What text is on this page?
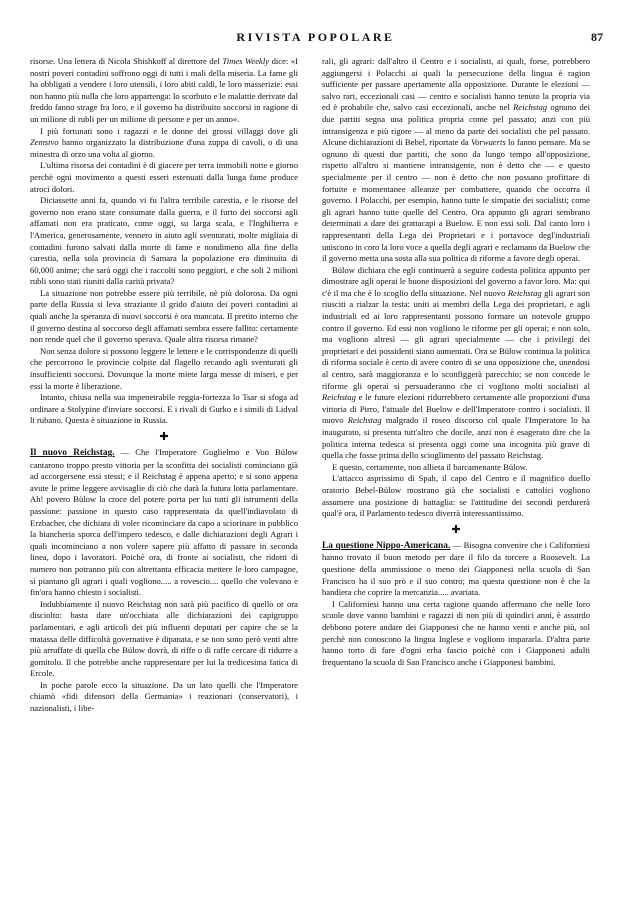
RIVISTA POPOLARE	87

risorse. Una lettera di Nicola Shishkoff al direttore del Times Weekly dice: «I nostri poveri contadini soffrono oggi di tutti i mali della miseria. La fame gli ha obbligati a vendere i loro utensili, i loro abiti caldi, le loro masserizie: essi non hanno più nulla che loro appartenga: lo scorbuto e le malattie derivate dal freddo fanno strage fra loro, e il governo ha distribuito soccorsi in ragione di un milione di rubli per un milione di persone e per un anno».

I più fortunati sono i ragazzi e le donne dei grossi villaggi dove gli Zemstvo hanno organizzato la distribuzione d'una zuppa di cavoli, o di una minestra di orzo una volta al giorno.

L'ultima risorsa dei contadini è di giacere per terra immobili notte e giorno perchè ogni movimento a questi esseri estenuati dalla lunga fame produce atroci dolori.

Diciassette anni fa, quando vi fu l'altra terribile carestia, e le risorse del governo non erano state consumate dalla guerra, e il furto dei soccorsi agli affamati non era praticato, come oggi, su larga scala, e l'Inghilterra e l'America, generosamente, vennero in aiuto agli sventurati, molte migliaia di contadini furono salvati dalla morte di fame e nondimeno alla fine della carestia, nella sola provincia di Samara la popolazione era diminuita di 60,000 anime; che sarà oggi che i raccolti sono peggiori, e che soli 2 milioni rubli sono stati riuniti dalla carità privata?

La situazione non potrebbe essere più terribile, nè più dolorosa. Da ogni parte della Russia si leva straziante il grido d'aiuto dei poveri contadini ai quali anche la speranza di nuovi soccorsi è ora mancata. Il pretito interno che il governo destina al soccorso degli affamati sembra essere fallito: certamente non rende quel che il governo sperava. Quale altra risorsa rimane?

Non senza dolore si possono leggere le lettere e le corrispondenze di quelli che percorrono le provincie colpite dal flagello recando agli sventurati gli insufficienti soccorsi. Dovunque la morte miete larga messe di miseri, e per essi la morte è liberazione.

Intanto, chiusa nella sua impenetrabile reggia-fortezza lo Tsar si sfoga ad ordinare a Stolypine d'inviare soccorsi. E i rivali di Gurko e i simili di Lidval li rubano. Questa è situazione in Russia.

✚

Il nuovo Reichstag. — Che l'Imperatore Guglielmo e Von Bülow cantarono troppo presto vittoria per la sconfitta dei socialisti cominciano già ad accorgersene essi stessi; e il Reichstag è appena aperto; e si sono appena avute le prime leggere avvisaglie di ciò che darà la futura lotta parlamentare. Ah! povero Bülow la croce del potere porta per lui tutti gli istrumenti della passione: passione in questo caso rappresentata da quell'indiavolato di Erzbacher, che dichiara di voler ricominciare da capo a sciorinare in pubblico la biancheria sporca dell'impero tedesco, e dalle dichiarazioni degli Agrari i quali incominciano a non volere sapere più affatto di passare in seconda linea, dopo i lavoratori. Poichè ora, di fronte ai socialisti, che ridotti di numero non potranno più con altrettanta efficacia mettere le loro campagne, si piantano gli agrari i quali vogliono..... a rovescio.... quello che volevano e fin'ora hanno chiesto i socialisti.

Indubbiamente il nuovo Reichstag non sarà più pacifico di quello or ora disciolto: basta dare un'occhiata alle dichiarazioni dei capigruppo parlamentari, e agli articoli dei più influenti deputati per capire che se la matassa delle difficoltà governative è dipanata, e se non sono però venti altre più arruffate di quella che Bülow dovrà, di riffe o di raffe cercare di ridurre a gomitolo. Il che potrebbe anche rappresentare per lui la tredicesima fatica di Ercole.

In poche parole ecco la situazione. Da un lato quelli che l'Imperatore chiamò «fidi difensori della Germania» i reazionari (conservatori), i nazionalisti, i libe-

rali, gli agrari: dall'altro il Centro e i socialisti, ai quali, forse, potrebbero aggiungersi i Polacchi ai quali la persecuzione della lingua è ragion sufficiente per passare apertamente alla opposizione. Durante le elezioni — salvo rari, eccezionali casi — centro e socialisti hanno tenuto la propria via ed è probabile che, salvo casi eccezionali, anche nel Reichstag ognuno dei due partiti segna una politica propria come pel passato; anzi con più intransigenza e più rigore — al meno da parte dei socialisti che pel passato. Alcune dichiarazioni di Bebel, riportate da Vorwaerts lo fanno pensare. Ma se ognuno di questi due partiti, che sono da lungo tempo all'opposizione, rispetto all'altro si mantiene intransigente, non è detto che — e questo specialmente per il centro — non è detto che non possano profittare di fortuite e momentanee alleanze per combattere, quando che occorra il governo. I Polacchi, per esempio, hanno tutte le simpatie dei socialisti; come gli agrari hanno tutte quelle del Centro. Ora appunto gli agrari sembrano determinati a dare dei grattacapi a Buelow. E non essi soli. Dal canto loro i rappresentanti della Lega dei Proprietari e i portavoce degl'industriali uniscono in coro la loro voce a quella degli agrari e reclamano da Buelow che il governo metta una sosta alla sua politica di riforme a favore degli operai.

Bülow dichiara che egli continuerà a seguire codesta politica appunto per dimostrare agli operai le buone disposizioni del governo a favor loro. Ma: qui c'è il ma che è lo scoglio della situazione. Nel nuovo Reichstag gli agrari son riusciti a rialzar la testa: uniti ai membri della Lega dei proprietari, e agli industriali ed ai loro rappresentanti possono formare un notevole gruppo contro il governo. Ed essi non vogliono le riforme per gli operai; e non solo, ma vogliono altresì — gli agrari specialmente — che i privilegi dei proprietari e dei possidenti siano aumentati. Ora se Bülow continua la politica di riforma sociale è certo di avere contro di se una opposizione che, unendosi al centro, sarà maggioranza e lo sconfiggerà parecchio; se non concede le riforme gli operai si persuaderanno che ci vogliono molti socialisti al Reichstag e le future elezioni ridurrebbero certamente alle proporzioni d'una vittoria di Pirro, l'attuale del Buelow e dell'Imperatore contro i socialisti. Il nuovo Reichstag malgrado il roseo discorso col quale l'Imperatore lo ha inaugurato, si presenta tutt'altro che docile, anzi non è esagerato dire che la politica interna tedesca si presenta oggi come una incognita più grave di quella che fosse prima dello scioglimento del passato Reichstag.

E questo, certamente, non allieta il barcamenante Bülow.

L'attacco asprissimo di Spah, il capo del Centro e il magnifico duello oratorio Bebel-Bülow mostrano già che socialisti e cattolici vogliono assumere una posizione di battaglia: se l'attitudine dei secondi perdurerà qual'è ora, il Parlamento tedesco diverrà interessantissimo.

✚

La questione Nippo-Americana. — Bisogna convenire che i Californiesi hanno trovato il buon metodo per dare il filo da torcere a Roosevelt. La questione della ammissione o meno dei Giapponesi nella scuola di San Francisco ha il suo prò e il suo contro; ma questa questione non è che la bandiera che coprire la mercanzia..... avariata.

I Californiesi hanno una certa ragione quando affermano che nelle loro scuole dove vanno bambini e ragazzi di non più di quindici anni, è assurdo debbono potere andare dei Giapponesi che ne hanno venti e anche più, sol perchè non conoscono la lingua Inglese e vogliono impararla. D'altra parte hanno torto di fare d'ogni erba fascio poichè con i Giapponesi adulti frequentano la scuola di San Francisco anche i Giapponesi bambini.
